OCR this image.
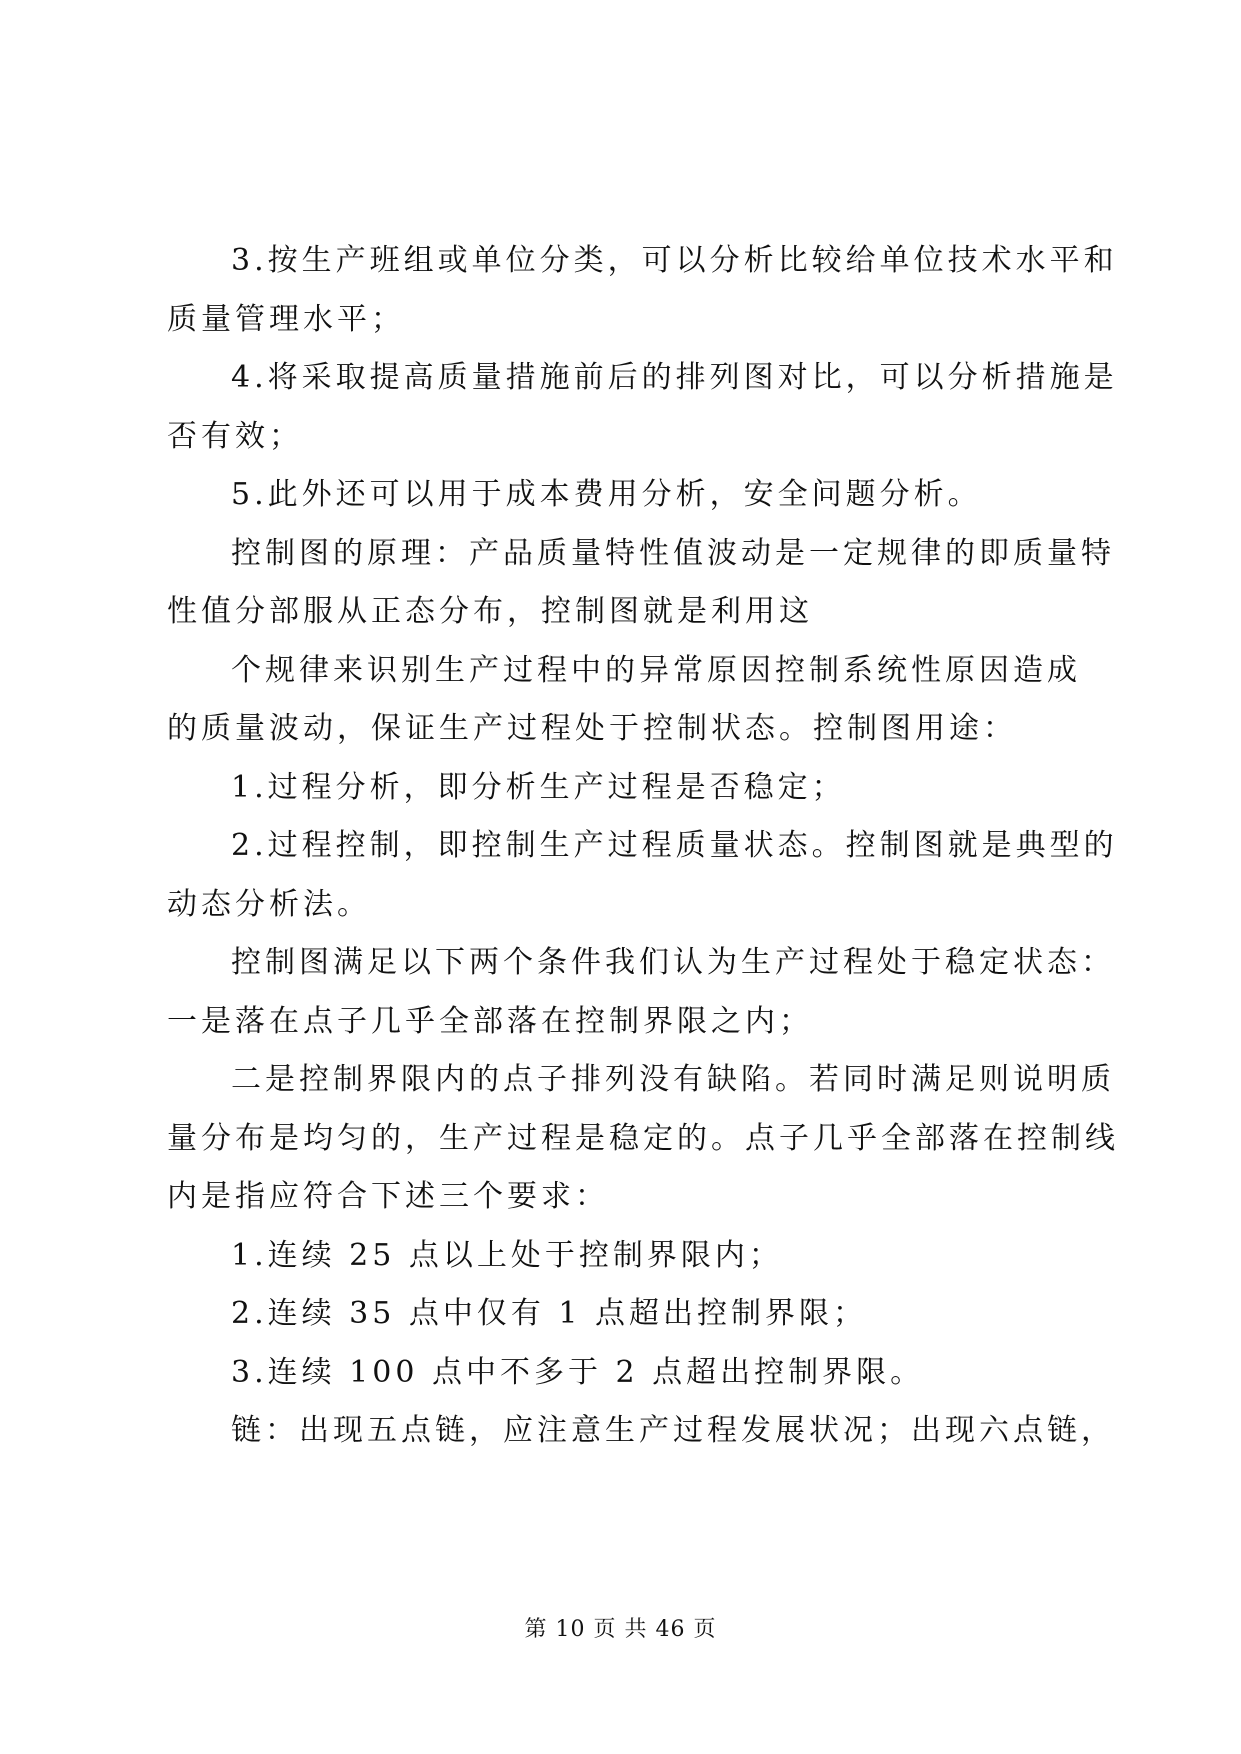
3.按生产班组或单位分类，可以分析比较给单位技术水平和

质量管理水平；

4.将采取提高质量措施前后的排列图对比，可以分析措施是

否有效；

5.此外还可以用于成本费用分析，安全问题分析。

控制图的原理：产品质量特性值波动是一定规律的即质量特

性值分部服从正态分布，控制图就是利用这

个规律来识别生产过程中的异常原因控制系统性原因造成

的质量波动，保证生产过程处于控制状态。控制图用途：

1.过程分析，即分析生产过程是否稳定；

2.过程控制，即控制生产过程质量状态。控制图就是典型的

动态分析法。

控制图满足以下两个条件我们认为生产过程处于稳定状态：

一是落在点子几乎全部落在控制界限之内；

二是控制界限内的点子排列没有缺陷。若同时满足则说明质

量分布是均匀的，生产过程是稳定的。点子几乎全部落在控制线

内是指应符合下述三个要求：

1.连续 25 点以上处于控制界限内；

2.连续 35 点中仅有 1 点超出控制界限；

3.连续 100 点中不多于 2 点超出控制界限。

链：出现五点链，应注意生产过程发展状况；出现六点链，

第 10 页 共 46 页
